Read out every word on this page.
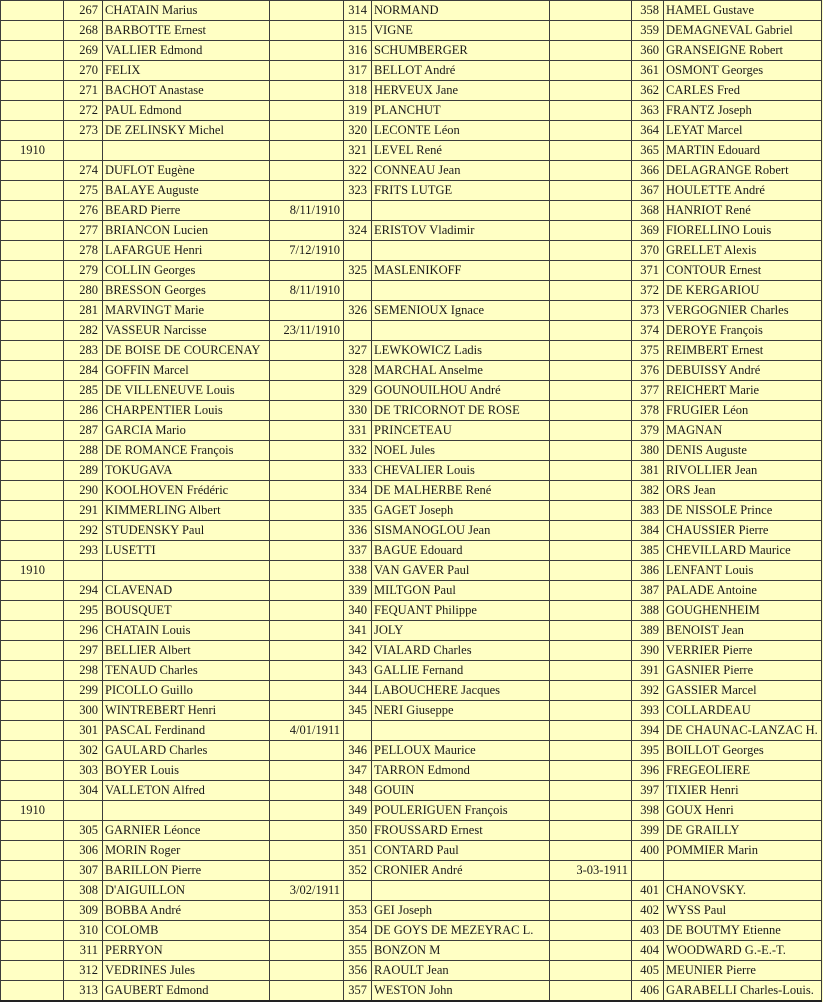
	267	CHATAIN Marius		314	NORMAND		358	HAMEL Gustave
	268	BARBOTTE Ernest		315	VIGNE		359	DEMAGNEVAL Gabriel
	269	VALLIER Edmond		316	SCHUMBERGER		360	GRANSEIGNE Robert
	270	FELIX		317	BELLOT André		361	OSMONT Georges
	271	BACHOT Anastase		318	HERVEUX Jane		362	CARLES Fred
	272	PAUL Edmond		319	PLANCHUT		363	FRANTZ Joseph
	273	DE ZELINSKY Michel		320	LECONTE Léon		364	LEYAT Marcel
1910				321	LEVEL René		365	MARTIN Edouard
	274	DUFLOT Eugène		322	CONNEAU Jean		366	DELAGRANGE Robert
	275	BALAYE Auguste		323	FRITS LUTGE		367	HOULETTE André
	276	BEARD Pierre	8/11/1910				368	HANRIOT René
	277	BRIANCON Lucien		324	ERISTOV Vladimir		369	FIORELLINO Louis
	278	LAFARGUE Henri	7/12/1910				370	GRELLET Alexis
	279	COLLIN Georges		325	MASLENIKOFF		371	CONTOUR Ernest
	280	BRESSON Georges	8/11/1910				372	DE KERGARIOU
	281	MARVINGT Marie		326	SEMENIOUX Ignace		373	VERGOGNIER Charles
	282	VASSEUR Narcisse	23/11/1910				374	DEROYE François
	283	DE BOISE DE COURCENAY		327	LEWKOWICZ Ladis		375	REIMBERT Ernest
	284	GOFFIN Marcel		328	MARCHAL Anselme		376	DEBUISSY André
	285	DE VILLENEUVE Louis		329	GOUNOUILHOU André		377	REICHERT Marie
	286	CHARPENTIER Louis		330	DE TRICORNOT DE ROSE		378	FRUGIER Léon
	287	GARCIA Mario		331	PRINCETEAU		379	MAGNAN
	288	DE ROMANCE François		332	NOEL Jules		380	DENIS Auguste
	289	TOKUGAVA		333	CHEVALIER Louis		381	RIVOLLIER Jean
	290	KOOLHOVEN Frédéric		334	DE MALHERBE René		382	ORS Jean
	291	KIMMERLING Albert		335	GAGET Joseph		383	DE NISSOLE Prince
	292	STUDENSKY Paul		336	SISMANOGLOU Jean		384	CHAUSSIER Pierre
	293	LUSETTI		337	BAGUE Edouard		385	CHEVILLARD Maurice
1910				338	VAN GAVER Paul		386	LENFANT Louis
	294	CLAVENAD		339	MILTGON Paul		387	PALADE Antoine
	295	BOUSQUET		340	FEQUANT Philippe		388	GOUGHENHEIM
	296	CHATAIN Louis		341	JOLY		389	BENOIST Jean
	297	BELLIER Albert		342	VIALARD Charles		390	VERRIER Pierre
	298	TENAUD Charles		343	GALLIE Fernand		391	GASNIER Pierre
	299	PICOLLO Guillo		344	LABOUCHERE Jacques		392	GASSIER Marcel
	300	WINTREBERT Henri		345	NERI Giuseppe		393	COLLARDEAU
	301	PASCAL Ferdinand	4/01/1911				394	DE CHAUNAC-LANZAC H.
	302	GAULARD Charles		346	PELLOUX Maurice		395	BOILLOT Georges
	303	BOYER Louis		347	TARRON Edmond		396	FREGEOLIERE
	304	VALLETON Alfred		348	GOUIN		397	TIXIER Henri
1910				349	POULERIGUEN François		398	GOUX Henri
	305	GARNIER Léonce		350	FROUSSARD Ernest		399	DE GRAILLY
	306	MORIN Roger		351	CONTARD Paul		400	POMMIER Marin
	307	BARILLON Pierre		352	CRONIER André	3-03-1911		
	308	D'AIGUILLON	3/02/1911				401	CHANOVSKY.
	309	BOBBA André		353	GEI Joseph		402	WYSS Paul
	310	COLOMB		354	DE GOYS DE MEZEYRAC L.		403	DE BOUTMY Etienne
	311	PERRYON		355	BONZON M		404	WOODWARD G.-E.-T.
	312	VEDRINES Jules		356	RAOULT Jean		405	MEUNIER Pierre
	313	GAUBERT Edmond		357	WESTON John		406	GARABELLI Charles-Louis.
